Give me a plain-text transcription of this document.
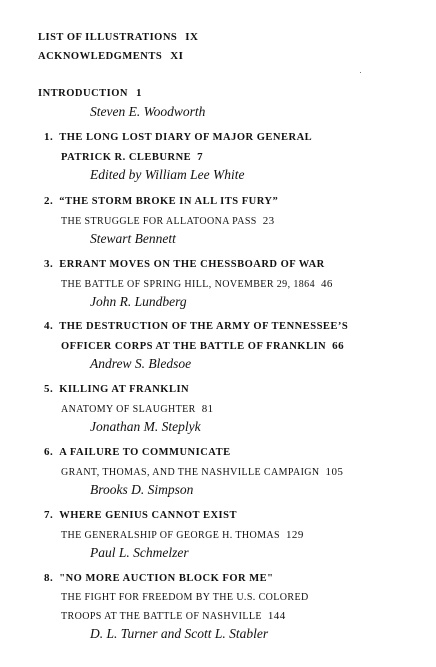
LIST OF ILLUSTRATIONS IX
ACKNOWLEDGMENTS XI
INTRODUCTION 1
Steven E. Woodworth
1. THE LONG LOST DIARY OF MAJOR GENERAL
PATRICK R. CLEBURNE 7
Edited by William Lee White
2. “THE STORM BROKE IN ALL ITS FURY”
THE STRUGGLE FOR ALLATOONA PASS 23
Stewart Bennett
3. ERRANT MOVES ON THE CHESSBOARD OF WAR
THE BATTLE OF SPRING HILL, NOVEMBER 29, 1864 46
John R. Lundberg
4. THE DESTRUCTION OF THE ARMY OF TENNESSEE’S
OFFICER CORPS AT THE BATTLE OF FRANKLIN 66
Andrew S. Bledsoe
5. KILLING AT FRANKLIN
ANATOMY OF SLAUGHTER 81
Jonathan M. Steplyk
6. A FAILURE TO COMMUNICATE
GRANT, THOMAS, AND THE NASHVILLE CAMPAIGN 105
Brooks D. Simpson
7. WHERE GENIUS CANNOT EXIST
THE GENERALSHIP OF GEORGE H. THOMAS 129
Paul L. Schmelzer
8. "NO MORE AUCTION BLOCK FOR ME"
THE FIGHT FOR FREEDOM BY THE U.S. COLORED
TROOPS AT THE BATTLE OF NASHVILLE 144
D. L. Turner and Scott L. Stabler
